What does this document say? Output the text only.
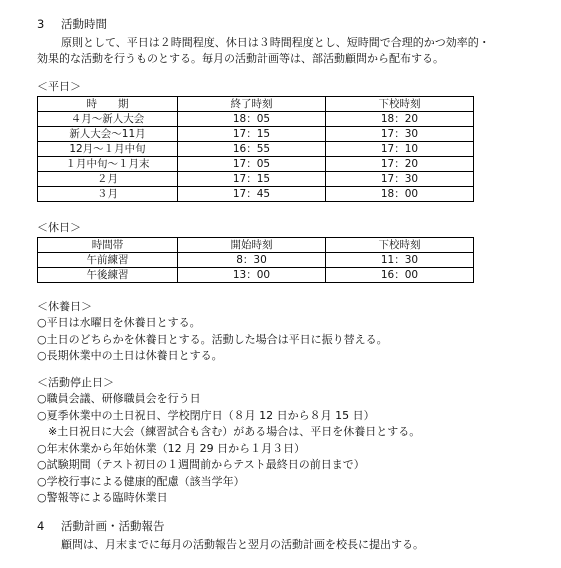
3 活動時間
原則として、平日は２時間程度、休日は３時間程度とし、短時間で合理的かつ効率的・
効果的な活動を行うものとする。毎月の活動計画等は、部活動顧問から配布する。
＜平日＞
時　　期	終了時刻	下校時刻
４月～新人大会	18：05	18：20
新人大会～11月	17：15	17：30
12月～１月中旬	16：55	17：10
１月中旬～１月末	17：05	17：20
２月	17：15	17：30
３月	17：45	18：00
＜休日＞
時間帯	開始時刻	下校時刻
午前練習	8：30	11：30
午後練習	13：00	16：00
＜休養日＞
○平日は水曜日を休養日とする。
○土日のどちらかを休養日とする。活動した場合は平日に振り替える。
○長期休業中の土日は休養日とする。
＜活動停止日＞
○職員会議、研修職員会を行う日
○夏季休業中の土日祝日、学校閉庁日（８月 12 日から８月 15 日）
　※土日祝日に大会（練習試合も含む）がある場合は、平日を休養日とする。
○年末休業から年始休業（12 月 29 日から１月３日）
○試験期間（テスト初日の１週間前からテスト最終日の前日まで）
○学校行事による健康的配慮（該当学年）
○警報等による臨時休業日
4 活動計画・活動報告
顧問は、月末までに毎月の活動報告と翌月の活動計画を校長に提出する。
